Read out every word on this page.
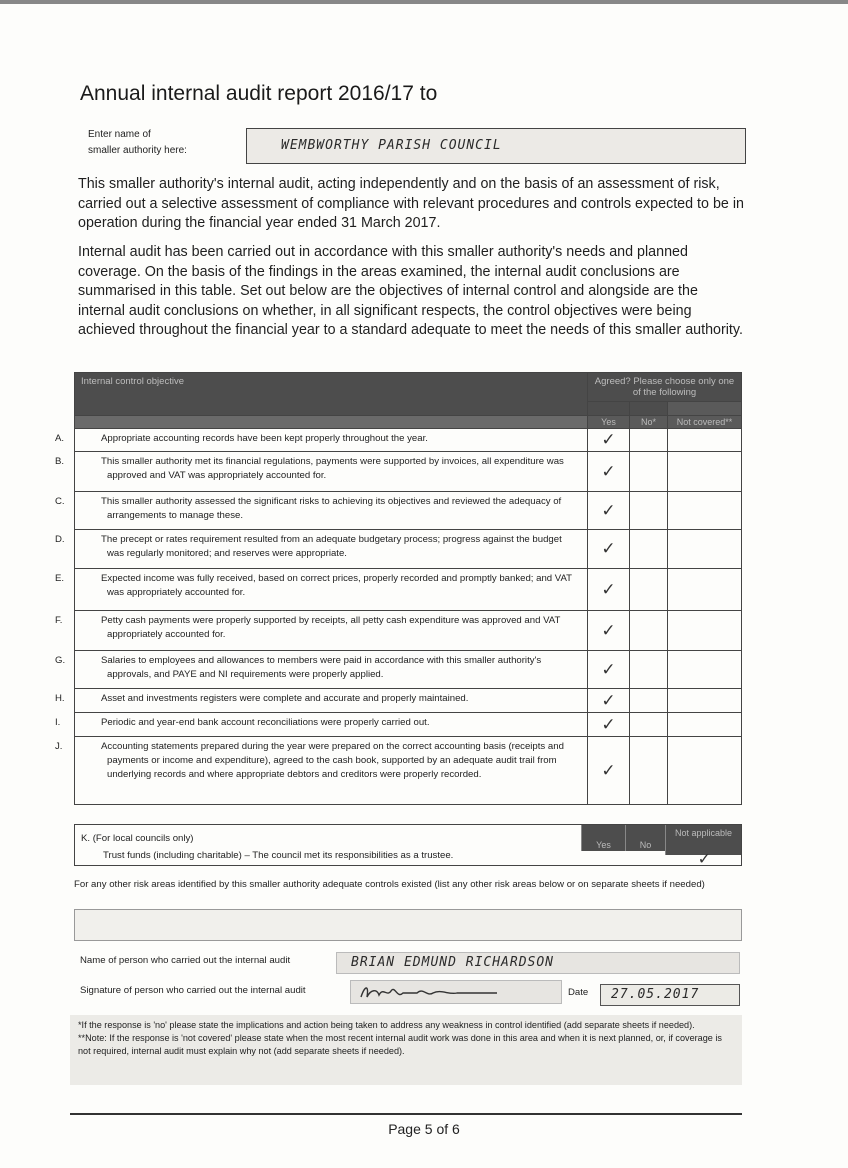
Annual internal audit report 2016/17 to
Enter name of
smaller authority here:	WEMBWORTHY PARISH COUNCIL
This smaller authority's internal audit, acting independently and on the basis of an assessment of risk, carried out a selective assessment of compliance with relevant procedures and controls expected to be in operation during the financial year ended 31 March 2017.
Internal audit has been carried out in accordance with this smaller authority's needs and planned coverage. On the basis of the findings in the areas examined, the internal audit conclusions are summarised in this table. Set out below are the objectives of internal control and alongside are the internal audit conclusions on whether, in all significant respects, the control objectives were being achieved throughout the financial year to a standard adequate to meet the needs of this smaller authority.
Internal control objective	Agreed? Please choose only one of the following		

	Yes	No*	Not covered**

A. Appropriate accounting records have been kept properly throughout the year.	✓		

B. This smaller authority met its financial regulations, payments were supported by invoices, all expenditure was approved and VAT was appropriately accounted for.	✓		

C. This smaller authority assessed the significant risks to achieving its objectives and reviewed the adequacy of arrangements to manage these.	✓		

D. The precept or rates requirement resulted from an adequate budgetary process; progress against the budget was regularly monitored; and reserves were appropriate.	✓		

E. Expected income was fully received, based on correct prices, properly recorded and promptly banked; and VAT was appropriately accounted for.	✓		

F. Petty cash payments were properly supported by receipts, all petty cash expenditure was approved and VAT appropriately accounted for.	✓		

G. Salaries to employees and allowances to members were paid in accordance with this smaller authority's approvals, and PAYE and NI requirements were properly applied.	✓		

H. Asset and investments registers were complete and accurate and properly maintained.	✓		

I. Periodic and year-end bank account reconciliations were properly carried out.	✓		

J. Accounting statements prepared during the year were prepared on the correct accounting basis (receipts and payments or income and expenditure), agreed to the cash book, supported by an adequate audit trail from underlying records and where appropriate debtors and creditors were properly recorded.	✓		
K. (For local councils only)
Trust funds (including charitable) – The council met its responsibilities as a trustee.
Yes	No
Not applicable
✓
For any other risk areas identified by this smaller authority adequate controls existed (list any other risk areas below or on separate sheets if needed)
Name of person who carried out the internal audit	BRIAN EDMUND RICHARDSON
Signature of person who carried out the internal audit	Date 27.05.2017
*If the response is 'no' please state the implications and action being taken to address any weakness in control identified (add separate sheets if needed).
**Note: If the response is 'not covered' please state when the most recent internal audit work was done in this area and when it is next planned, or, if coverage is not required, internal audit must explain why not (add separate sheets if needed).
Page 5 of 6
